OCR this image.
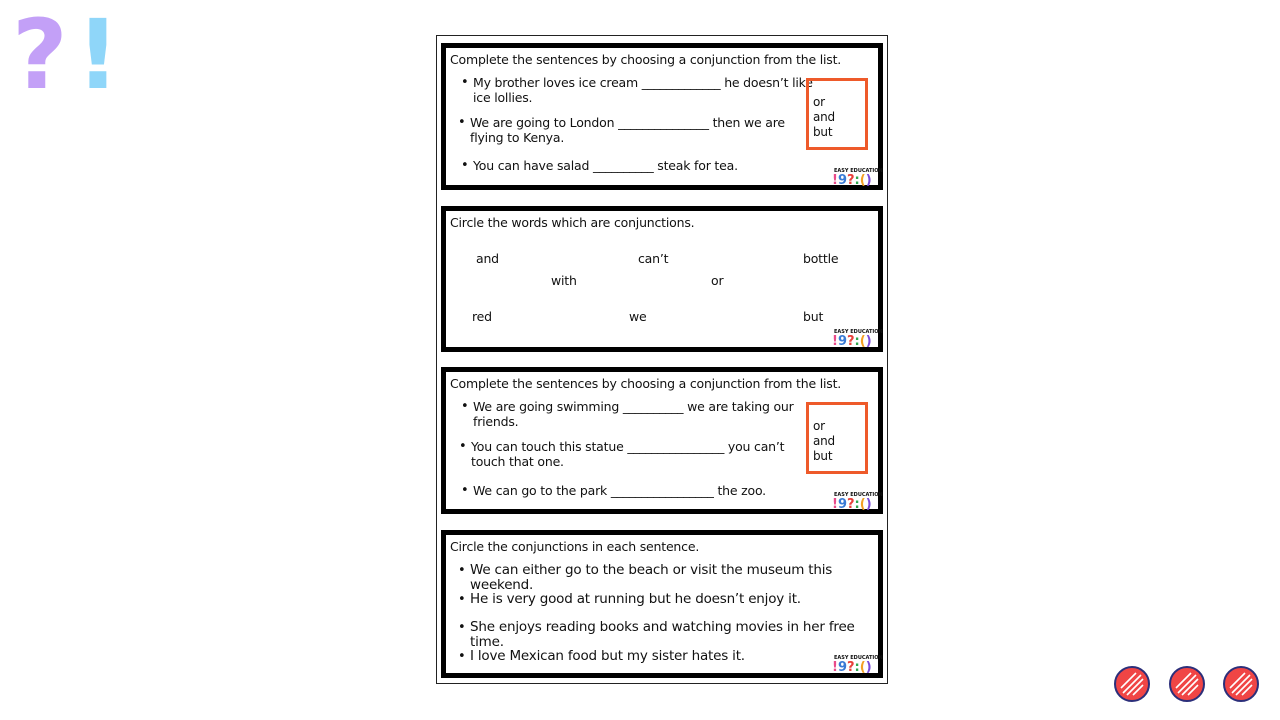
? !	Complete the sentences by choosing a conjunction from the list.
• My brother loves ice cream _____________ he doesn’t like
ice lollies.
• We are going to London _______________ then we are
flying to Kenya.
• You can have salad __________ steak for tea.
or
and
but
EASY EDUCATION
!9?:()
Circle the words which are conjunctions.
and	can’t	bottle
with	or
red	we	but
EASY EDUCATION
!9?:()
Complete the sentences by choosing a conjunction from the list.
• We are going swimming __________ we are taking our
friends.
• You can touch this statue ________________ you can’t
touch that one.
• We can go to the park _________________ the zoo.
or
and
but
EASY EDUCATION
!9?:()
Circle the conjunctions in each sentence.
• We can either go to the beach or visit the museum this weekend.
• He is very good at running but he doesn’t enjoy it.
• She enjoys reading books and watching movies in her free time.
• I love Mexican food but my sister hates it.	EASY EDUCATION
!9?:()
